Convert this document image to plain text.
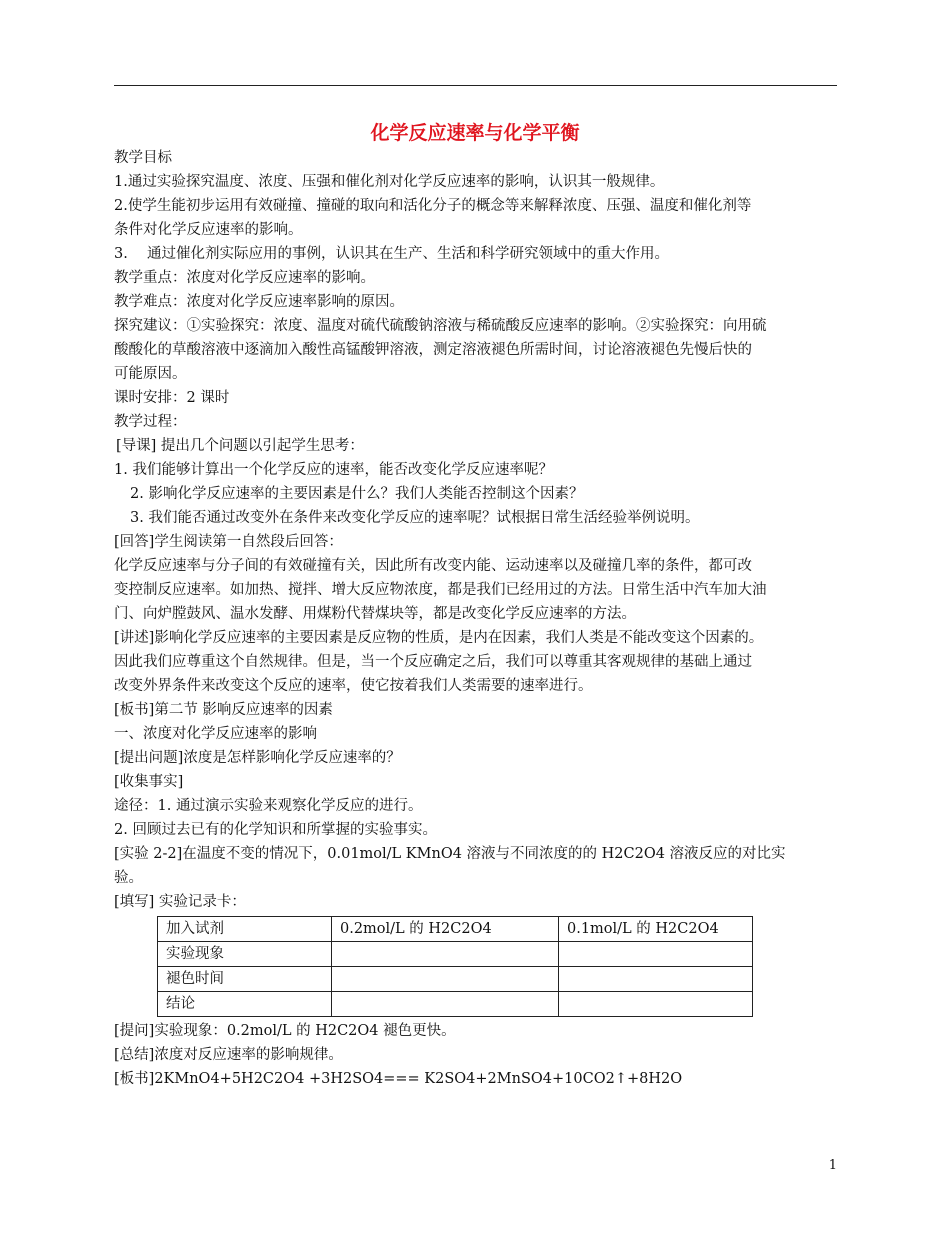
化学反应速率与化学平衡

教学目标

1.通过实验探究温度、浓度、压强和催化剂对化学反应速率的影响，认识其一般规律。

2.使学生能初步运用有效碰撞、撞碰的取向和活化分子的概念等来解释浓度、压强、温度和催化剂等

条件对化学反应速率的影响。

3.　 通过催化剂实际应用的事例，认识其在生产、生活和科学研究领域中的重大作用。

教学重点：浓度对化学反应速率的影响。

教学难点：浓度对化学反应速率影响的原因。

探究建议：①实验探究：浓度、温度对硫代硫酸钠溶液与稀硫酸反应速率的影响。②实验探究：向用硫

酸酸化的草酸溶液中逐滴加入酸性高锰酸钾溶液，测定溶液褪色所需时间，讨论溶液褪色先慢后快的

可能原因。

课时安排：2 课时

教学过程：

[导课] 提出几个问题以引起学生思考：

1. 我们能够计算出一个化学反应的速率，能否改变化学反应速率呢？

2. 影响化学反应速率的主要因素是什么？我们人类能否控制这个因素？

3. 我们能否通过改变外在条件来改变化学反应的速率呢？试根据日常生活经验举例说明。

[回答]学生阅读第一自然段后回答：

化学反应速率与分子间的有效碰撞有关，因此所有改变内能、运动速率以及碰撞几率的条件，都可改

变控制反应速率。如加热、搅拌、增大反应物浓度，都是我们已经用过的方法。日常生活中汽车加大油

门、向炉膛鼓风、温水发酵、用煤粉代替煤块等，都是改变化学反应速率的方法。

[讲述]影响化学反应速率的主要因素是反应物的性质，是内在因素，我们人类是不能改变这个因素的。

因此我们应尊重这个自然规律。但是，当一个反应确定之后，我们可以尊重其客观规律的基础上通过

改变外界条件来改变这个反应的速率，使它按着我们人类需要的速率进行。

[板书]第二节 影响反应速率的因素

一、浓度对化学反应速率的影响

[提出问题]浓度是怎样影响化学反应速率的？

[收集事实]

途径：1. 通过演示实验来观察化学反应的进行。

2. 回顾过去已有的化学知识和所掌握的实验事实。

[实验 2-2]在温度不变的情况下，0.01mol/L KMnO4 溶液与不同浓度的的 H2C2O4 溶液反应的对比实

验。

[填写] 实验记录卡：

加入试剂	0.2mol/L 的 H2C2O4	0.1mol/L 的 H2C2O4
实验现象		
褪色时间		
结论		

[提问]实验现象：0.2mol/L 的 H2C2O4 褪色更快。

[总结]浓度对反应速率的影响规律。

[板书]2KMnO4+5H2C2O4 +3H2SO4=== K2SO4+2MnSO4+10CO2↑+8H2O

1
